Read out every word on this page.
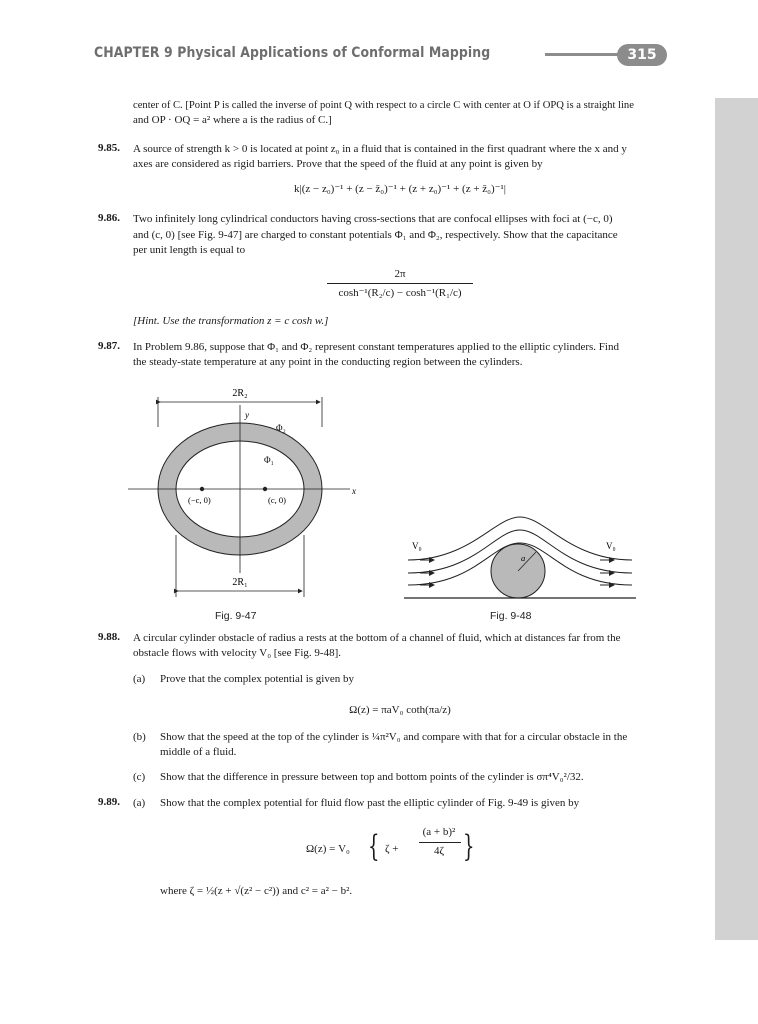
CHAPTER 9 Physical Applications of Conformal Mapping	315
center of C. [Point P is called the inverse of point Q with respect to a circle C with center at O if OPQ is a straight line
and OP · OQ = a² where a is the radius of C.]
9.85. A source of strength k > 0 is located at point z₀ in a fluid that is contained in the first quadrant where the x and y
axes are considered as rigid barriers. Prove that the speed of the fluid at any point is given by
k|(z − z₀)⁻¹ + (z − z̄₀)⁻¹ + (z + z₀)⁻¹ + (z + z̄₀)⁻¹|
9.86. Two infinitely long cylindrical conductors having cross-sections that are confocal ellipses with foci at (−c, 0)
and (c, 0) [see Fig. 9-47] are charged to constant potentials Φ₁ and Φ₂, respectively. Show that the capacitance
per unit length is equal to
2π
cosh⁻¹(R₂/c) − cosh⁻¹(R₁/c)
[Hint. Use the transformation z = c cosh w.]
9.87. In Problem 9.86, suppose that Φ₁ and Φ₂ represent constant temperatures applied to the elliptic cylinders. Find
the steady-state temperature at any point in the conducting region between the cylinders.
2R₂
y
x
Φ₂
Φ₁
(−c, 0)	(c, 0)
2R₁
Fig. 9-47
a
V₀	V₀
Fig. 9-48
9.88. A circular cylinder obstacle of radius a rests at the bottom of a channel of fluid, which at distances far from the
obstacle flows with velocity V₀ [see Fig. 9-48].
(a) Prove that the complex potential is given by
Ω(z) = πaV₀ coth(πa/z)
(b) Show that the speed at the top of the cylinder is ¼π²V₀ and compare with that for a circular obstacle in the
middle of a fluid.
(c) Show that the difference in pressure between top and bottom points of the cylinder is σπ⁴V₀²/32.
9.89. (a) Show that the complex potential for fluid flow past the elliptic cylinder of Fig. 9-49 is given by
Ω(z) = V₀ { ζ +
(a + b)²
4ζ }
where ζ = ½(z + √(z² − c²)) and c² = a² − b².
